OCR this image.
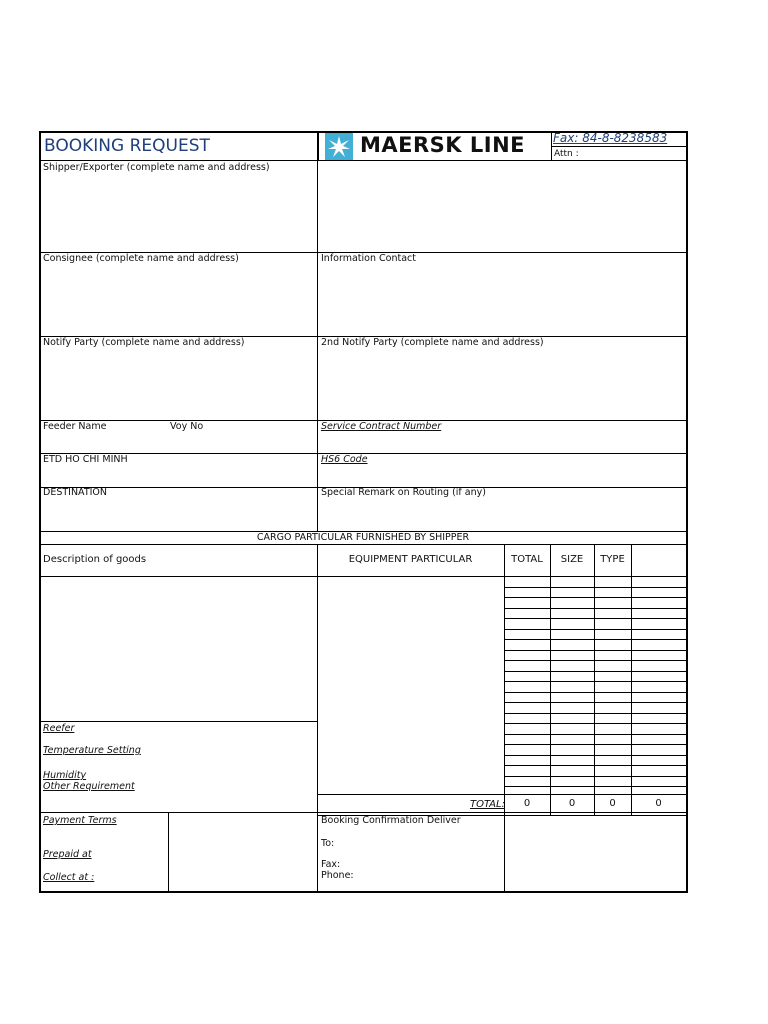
BOOKING REQUEST	MAERSK LINE Fax: 84-8-8238583
Attn :
Shipper/Exporter (complete name and address)
Consignee (complete name and address)	Information Contact
Notify Party (complete name and address)	2nd Notify Party (complete name and address)
Feeder Name	Voy No	Service Contract Number
ETD HO CHI MINH	HS6 Code
DESTINATION	Special Remark on Routing (if any)
CARGO PARTICULAR FURNISHED BY SHIPPER
Description of goods	EQUIPMENT PARTICULAR	TOTAL	SIZE	TYPE
Reefer
Temperature Setting
Humidity
Other Requirement
TOTAL:	0	0	0	0
Payment Terms
Prepaid at
Collect at :
Booking Confirmation Deliver
To:
Fax:
Phone:
